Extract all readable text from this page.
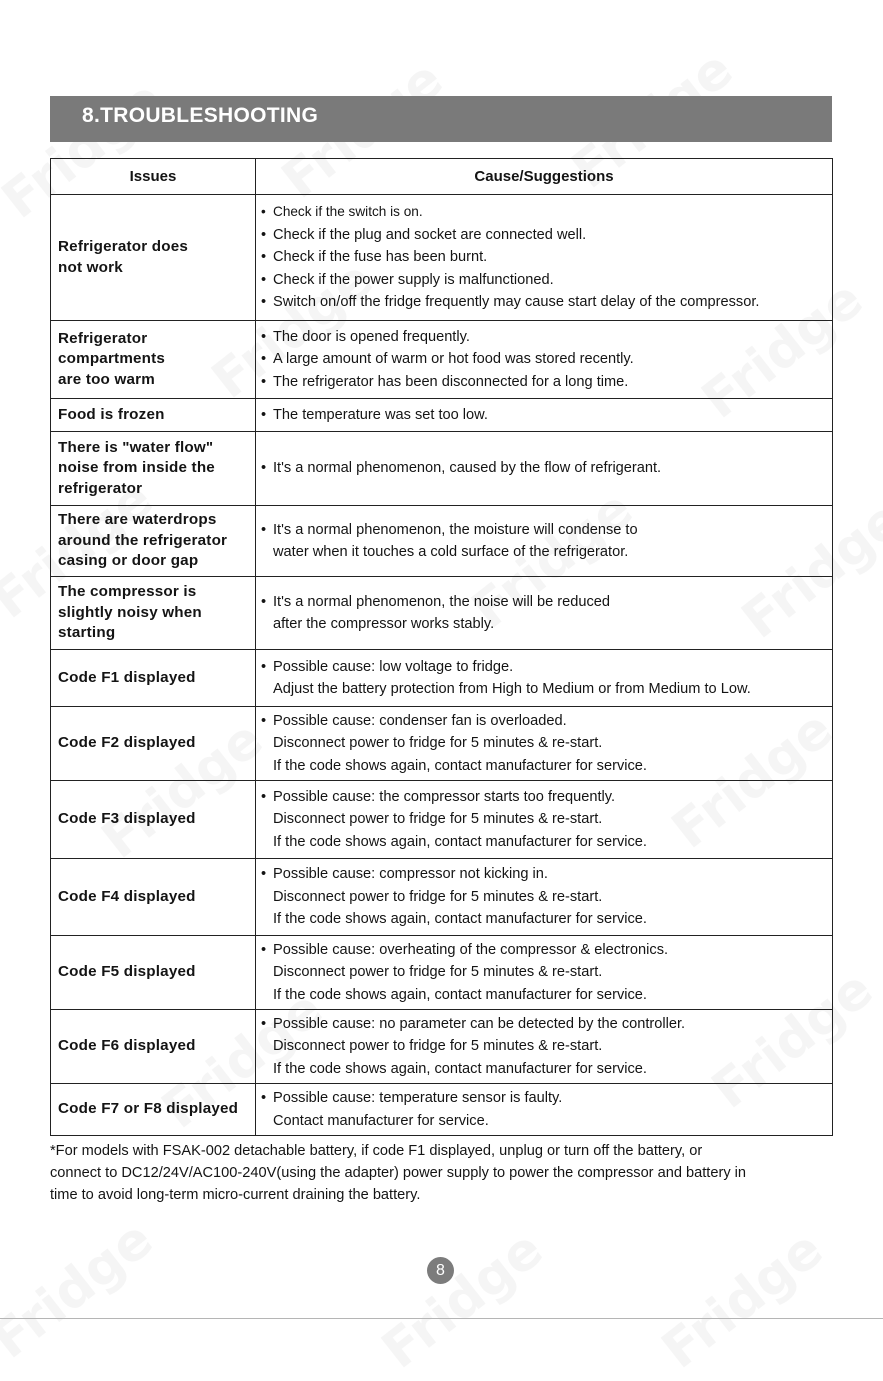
8.TROUBLESHOOTING
Issues	Cause/Suggestions

Refrigerator does
not work	• Check if the switch is on.
• Check if the plug and socket are connected well.
• Check if the fuse has been burnt.
• Check if the power supply is malfunctioned.
• Switch on/off the fridge frequently may cause start delay of the compressor.

Refrigerator
compartments
are too warm	• The door is opened frequently.
• A large amount of warm or hot food was stored recently.
• The refrigerator has been disconnected for a long time.

Food is frozen	• The temperature was set too low.

There is "water flow"
noise from inside the
refrigerator	• It's a normal phenomenon, caused by the flow of refrigerant.

There are waterdrops
around the refrigerator
casing or door gap	• It's a normal phenomenon, the moisture will condense to
water when it touches a cold surface of the refrigerator.

The compressor is
slightly noisy when
starting	• It's a normal phenomenon, the noise will be reduced
after the compressor works stably.

Code F1 displayed	• Possible cause: low voltage to fridge.
Adjust the battery protection from High to Medium or from Medium to Low.

Code F2 displayed	• Possible cause: condenser fan is overloaded.
Disconnect power to fridge for 5 minutes & re-start.
If the code shows again, contact manufacturer for service.

Code F3 displayed	• Possible cause: the compressor starts too frequently.
Disconnect power to fridge for 5 minutes & re-start.
If the code shows again, contact manufacturer for service.

Code F4 displayed	• Possible cause: compressor not kicking in.
Disconnect power to fridge for 5 minutes & re-start.
If the code shows again, contact manufacturer for service.

Code F5 displayed	• Possible cause: overheating of the compressor & electronics.
Disconnect power to fridge for 5 minutes & re-start.
If the code shows again, contact manufacturer for service.

Code F6 displayed	• Possible cause: no parameter can be detected by the controller.
Disconnect power to fridge for 5 minutes & re-start.
If the code shows again, contact manufacturer for service.

Code F7 or F8 displayed	• Possible cause: temperature sensor is faulty.
Contact manufacturer for service.
*For models with FSAK-002 detachable battery, if code F1 displayed, unplug or turn off the battery, or
connect to DC12/24V/AC100-240V(using the adapter) power supply to power the compressor and battery in
time to avoid long-term micro-current draining the battery.
8
